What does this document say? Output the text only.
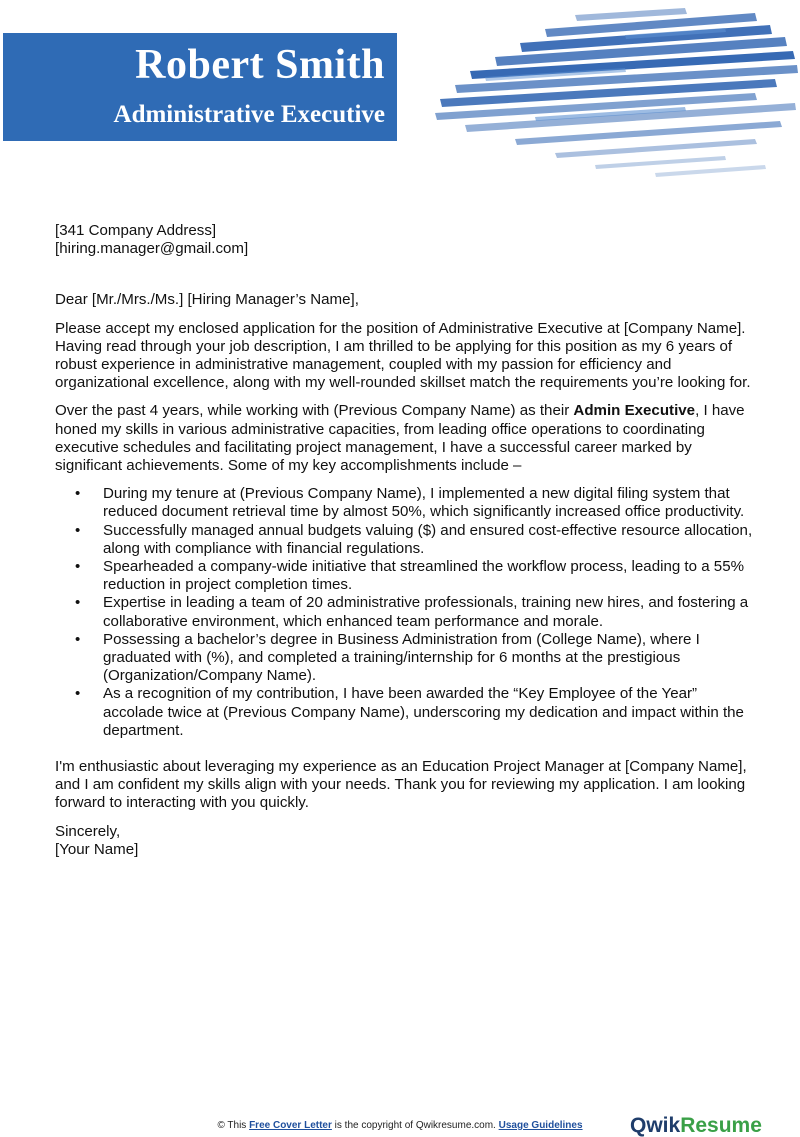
Robert Smith
Administrative Executive

[341 Company Address]
[hiring.manager@gmail.com]

Dear [Mr./Mrs./Ms.] [Hiring Manager’s Name],

Please accept my enclosed application for the position of Administrative Executive at [Company Name]. Having read through your job description, I am thrilled to be applying for this position as my 6 years of robust experience in administrative management, coupled with my passion for efficiency and organizational excellence, along with my well-rounded skillset match the requirements you’re looking for.

Over the past 4 years, while working with (Previous Company Name) as their Admin Executive, I have honed my skills in various administrative capacities, from leading office operations to coordinating executive schedules and facilitating project management, I have a successful career marked by significant achievements. Some of my key accomplishments include –

• During my tenure at (Previous Company Name), I implemented a new digital filing system that reduced document retrieval time by almost 50%, which significantly increased office productivity.
• Successfully managed annual budgets valuing ($) and ensured cost-effective resource allocation, along with compliance with financial regulations.
• Spearheaded a company-wide initiative that streamlined the workflow process, leading to a 55% reduction in project completion times.
• Expertise in leading a team of 20 administrative professionals, training new hires, and fostering a collaborative environment, which enhanced team performance and morale.
• Possessing a bachelor’s degree in Business Administration from (College Name), where I graduated with (%), and completed a training/internship for 6 months at the prestigious (Organization/Company Name).
• As a recognition of my contribution, I have been awarded the “Key Employee of the Year” accolade twice at (Previous Company Name), underscoring my dedication and impact within the department.

I'm enthusiastic about leveraging my experience as an Education Project Manager at [Company Name], and I am confident my skills align with your needs. Thank you for reviewing my application. I am looking forward to interacting with you quickly.

Sincerely,
[Your Name]

© This Free Cover Letter is the copyright of Qwikresume.com. Usage Guidelines	QwikResume
